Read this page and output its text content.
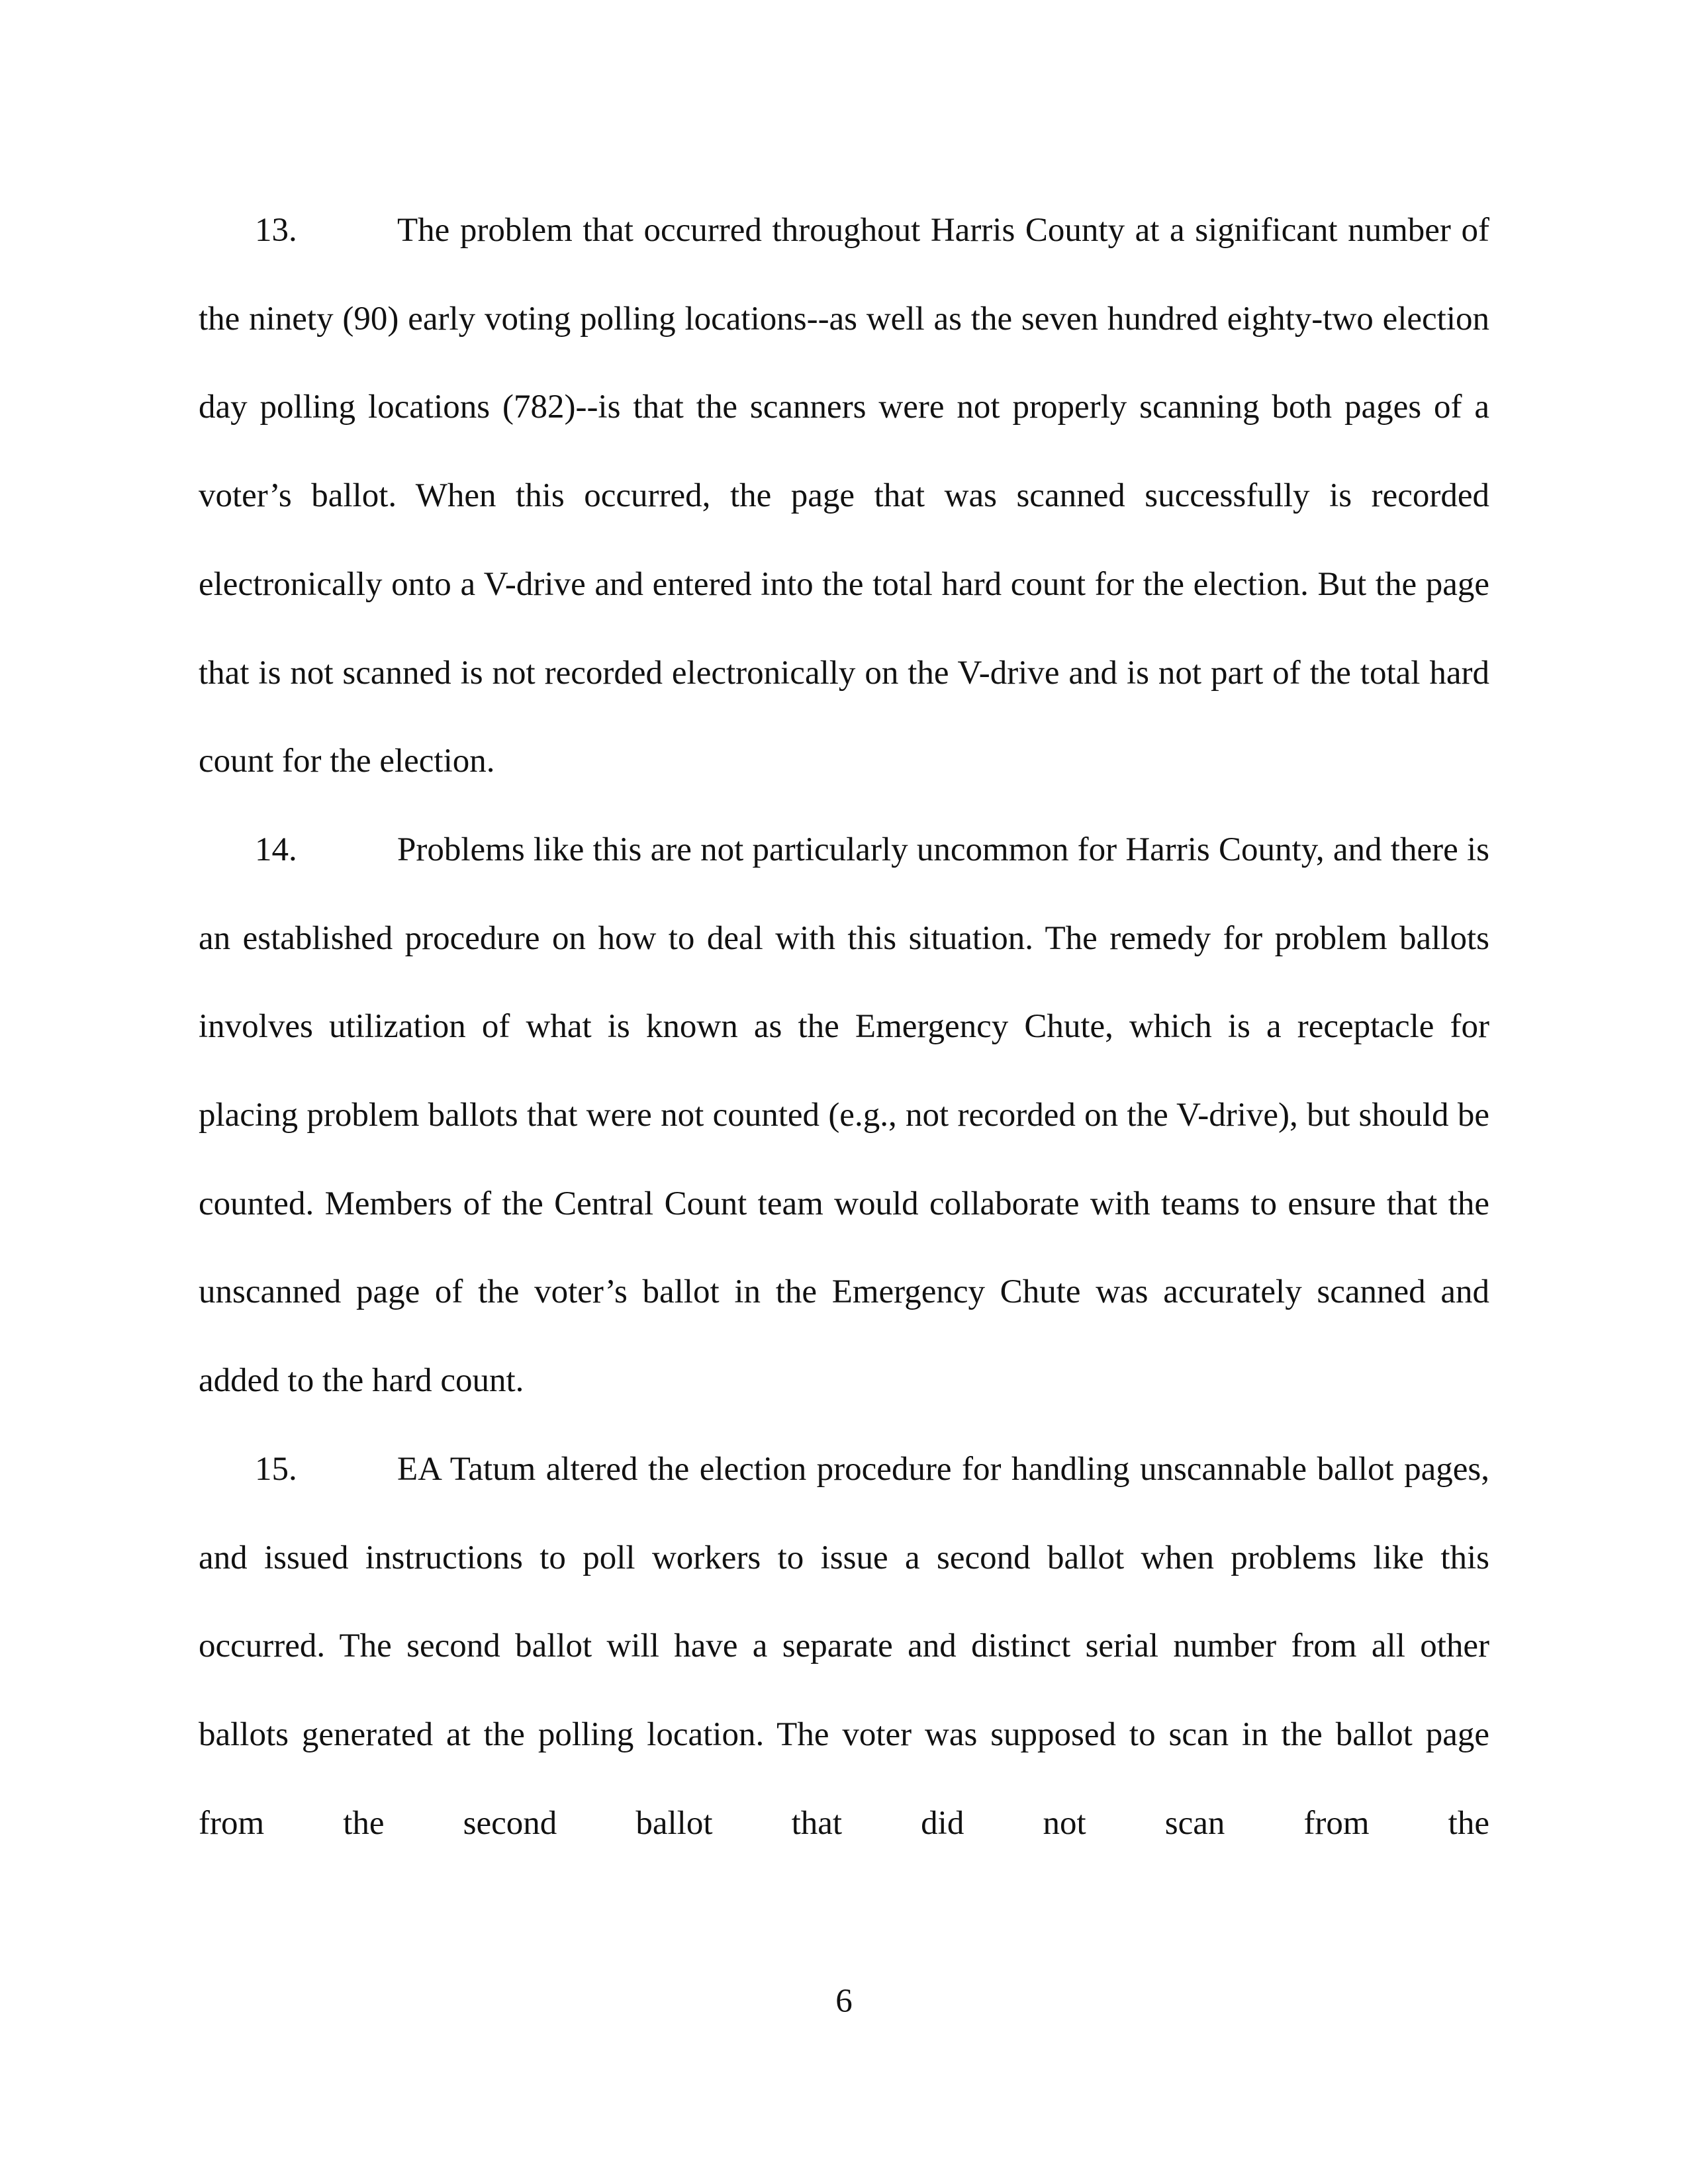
13.	The problem that occurred throughout Harris County at a significant number of the ninety (90) early voting polling locations--as well as the seven hundred eighty-two election day polling locations (782)--is that the scanners were not properly scanning both pages of a voter’s ballot. When this occurred, the page that was scanned successfully is recorded electronically onto a V-drive and entered into the total hard count for the election. But the page that is not scanned is not recorded electronically on the V-drive and is not part of the total hard count for the election.

14.	Problems like this are not particularly uncommon for Harris County, and there is an established procedure on how to deal with this situation. The remedy for problem ballots involves utilization of what is known as the Emergency Chute, which is a receptacle for placing problem ballots that were not counted (e.g., not recorded on the V-drive), but should be counted. Members of the Central Count team would collaborate with teams to ensure that the unscanned page of the voter’s ballot in the Emergency Chute was accurately scanned and added to the hard count.

15.	EA Tatum altered the election procedure for handling unscannable ballot pages, and issued instructions to poll workers to issue a second ballot when problems like this occurred. The second ballot will have a separate and distinct serial number from all other ballots generated at the polling location. The voter was supposed to scan in the ballot page from the second ballot that did not scan from the

6
